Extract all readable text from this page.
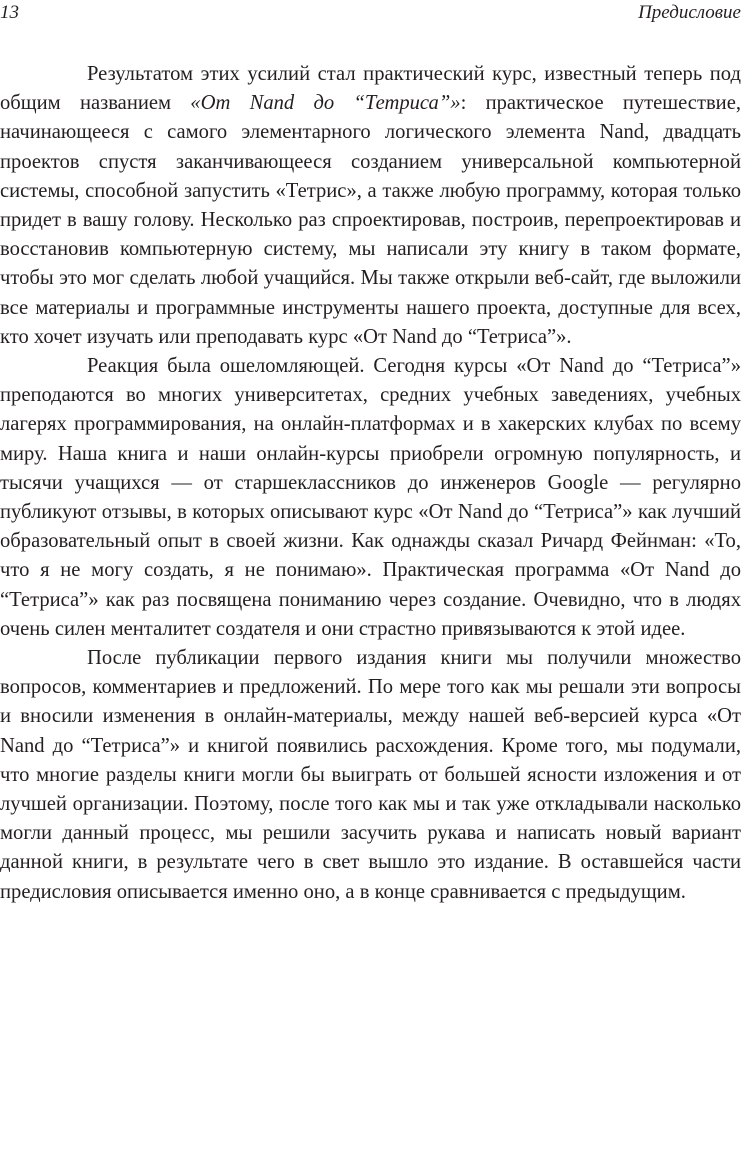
13	Предисловие

Результатом этих усилий стал практический курс, известный теперь под общим названием «От Nand до “Тетриса”»: практическое путешествие, начинающееся с самого элементарного логического элемента Nand, двадцать проектов спустя заканчивающееся созданием универсальной компьютерной системы, способной запустить «Тетрис», а также любую программу, которая только придет в вашу голову. Несколько раз спроектировав, построив, перепроектировав и восстановив компьютерную систему, мы написали эту книгу в таком формате, чтобы это мог сделать любой учащийся. Мы также открыли веб-сайт, где выложили все материалы и программные инструменты нашего проекта, доступные для всех, кто хочет изучать или преподавать курс «От Nand до “Тетриса”».

Реакция была ошеломляющей. Сегодня курсы «От Nand до “Тетриса”» преподаются во многих университетах, средних учебных заведениях, учебных лагерях программирования, на онлайн-платформах и в хакерских клубах по всему миру. Наша книга и наши онлайн-курсы приобрели огромную популярность, и тысячи учащихся — от старшеклассников до инженеров Google — регулярно публикуют отзывы, в которых описывают курс «От Nand до “Тетриса”» как лучший образовательный опыт в своей жизни. Как однажды сказал Ричард Фейнман: «То, что я не могу создать, я не понимаю». Практическая программа «От Nand до “Тетриса”» как раз посвящена пониманию через создание. Очевидно, что в людях очень силен менталитет создателя и они страстно привязываются к этой идее.

После публикации первого издания книги мы получили множество вопросов, комментариев и предложений. По мере того как мы решали эти вопросы и вносили изменения в онлайн-материалы, между нашей веб-версией курса «От Nand до “Тетриса”» и книгой появились расхождения. Кроме того, мы подумали, что многие разделы книги могли бы выиграть от большей ясности изложения и от лучшей организации. Поэтому, после того как мы и так уже откладывали насколько могли данный процесс, мы решили засучить рукава и написать новый вариант данной книги, в результате чего в свет вышло это издание. В оставшейся части предисловия описывается именно оно, а в конце сравнивается с предыдущим.
